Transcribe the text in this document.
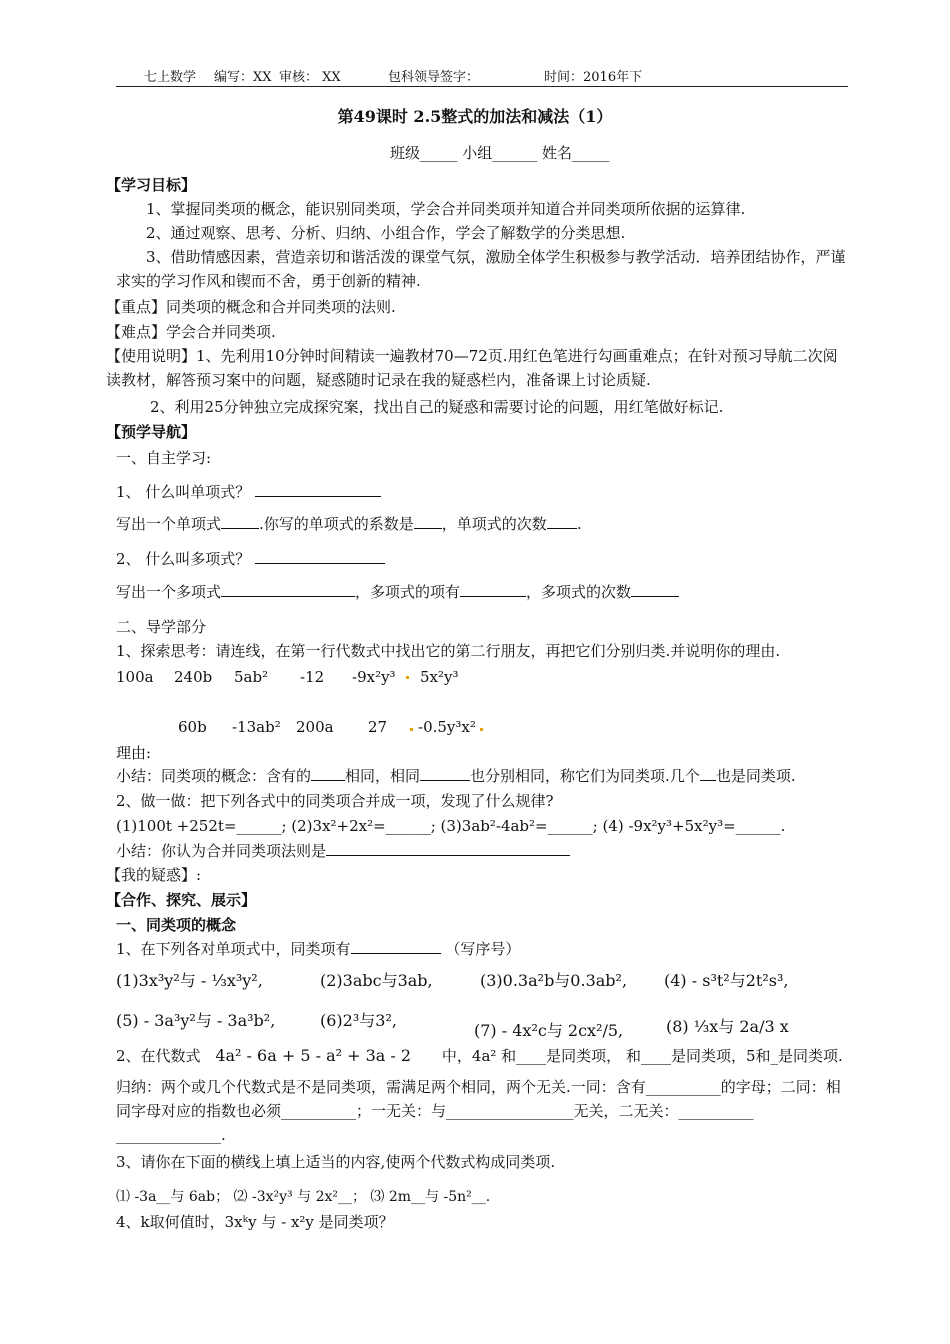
七上数学 编写：XX 审核： XX	包科领导签字：	时间：2016年下
第49课时 2.5整式的加法和减法（1）
班级_____ 小组______ 姓名_____
【学习目标】
1、掌握同类项的概念，能识别同类项，学会合并同类项并知道合并同类项所依据的运算律.
2、通过观察、思考、分析、归纳、小组合作，学会了解数学的分类思想.
3、借助情感因素，营造亲切和谐活泼的课堂气氛，激励全体学生积极参与教学活动．培养团结协作，严谨求实的学习作风和锲而不舍，勇于创新的精神.
【重点】同类项的概念和合并同类项的法则.
【难点】学会合并同类项.
【使用说明】1、先利用10分钟时间精读一遍教材70—72页.用红色笔进行勾画重难点；在针对预习导航二次阅读教材，解答预习案中的问题，疑惑随时记录在我的疑惑栏内，准备课上讨论质疑.
2、利用25分钟独立完成探究案，找出自己的疑惑和需要讨论的问题，用红笔做好标记.
【预学导航】
一、自主学习:
1、 什么叫单项式？
写出一个单项式	.你写的单项式的系数是 ，单项式的次数 .
2、 什么叫多项式？
写出一个多项式	，多项式的项有	，多项式的次数
二、导学部分
1、探索思考：请连线，在第一行代数式中找出它的第二行朋友，再把它们分别归类.并说明你的理由.
100a 240b 5ab² -12 -9x²y³ 5x²y³
60b -13ab² 200a 27 -0.5y³x²
理由:
小结：同类项的概念：含有的 相同，相同	也分别相同，称它们为同类项.几个 也是同类项.
2、做一做：把下列各式中的同类项合并成一项，发现了什么规律?
(1)100t +252t=______; (2)3x²+2x²=______; (3)3ab²-4ab²=______; (4) -9x²y³+5x²y³=______.
小结：你认为合并同类项法则是
【我的疑惑】:
【合作、探究、展示】
一、同类项的概念
1、在下列各对单项式中，同类项有	（写序号）
(1)3x³y²与 - ⅓x³y²,	(2)3abc与3ab,	(3)0.3a²b与0.3ab², (4) - s³t²与2t²s³,
(5) - 3a³y²与 - 3a³b²,	(6)2³与3²,
(7) - 4x²c与 2cx²/5,	(8) ⅓x与 2a/3 x
2、在代数式 4a² - 6a + 5 - a² + 3a - 2 中，4a² 和____是同类项， 和____是同类项，5和_是同类项.
归纳：两个或几个代数式是不是同类项，需满足两个相同，两个无关.一同：含有__________的字母；二同：相同字母对应的指数也必须__________；一无关：与_________________无关，二无关：__________ ______________.
3、请你在下面的横线上填上适当的内容,使两个代数式构成同类项.
⑴ -3a__与 6ab； ⑵ -3x²y³ 与 2x²__； ⑶ 2m__与 -5n²__.
4、k取何值时，3xᵏy 与 - x²y 是同类项？
